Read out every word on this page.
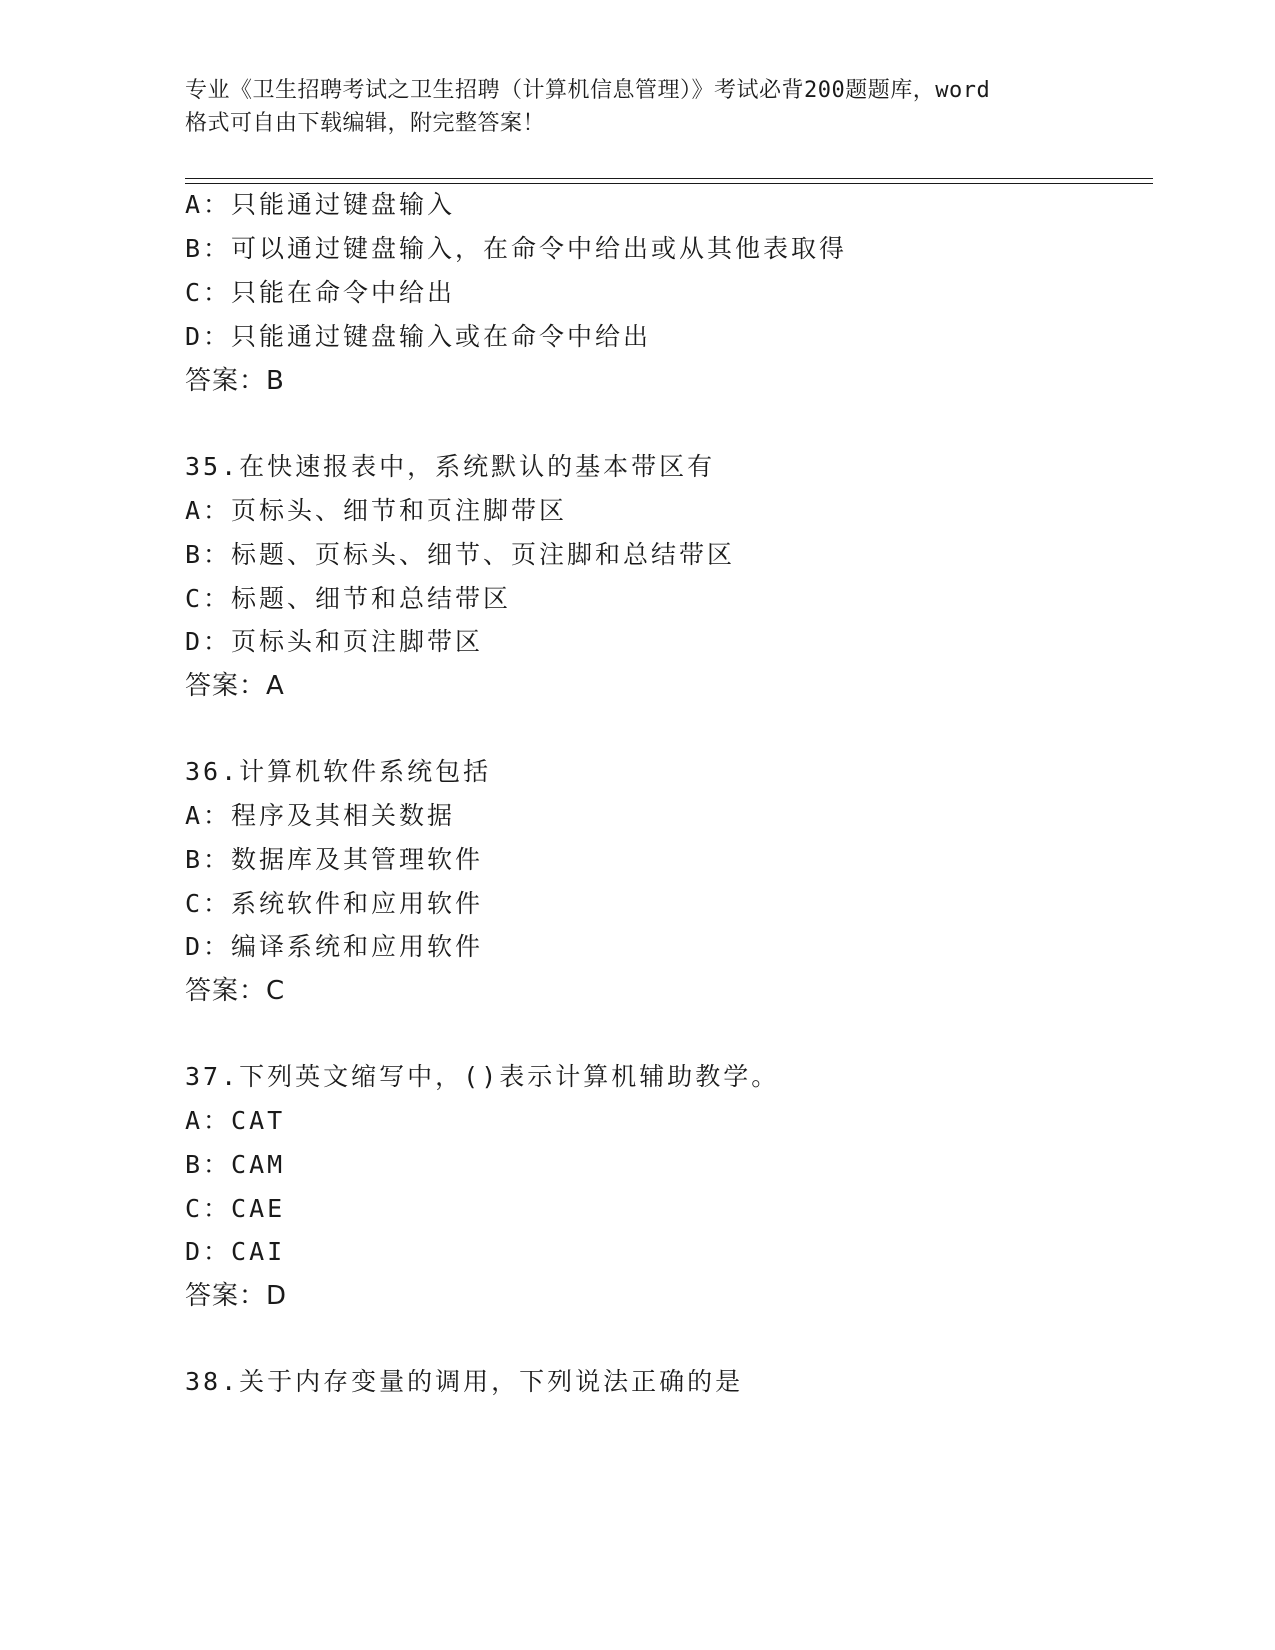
专业《卫生招聘考试之卫生招聘（计算机信息管理）》考试必背200题题库，word
格式可自由下载编辑，附完整答案！
A：只能通过键盘输入
B：可以通过键盘输入，在命令中给出或从其他表取得
C：只能在命令中给出
D：只能通过键盘输入或在命令中给出
答案：B
35.在快速报表中，系统默认的基本带区有
A：页标头、细节和页注脚带区
B：标题、页标头、细节、页注脚和总结带区
C：标题、细节和总结带区
D：页标头和页注脚带区
答案：A
36.计算机软件系统包括
A：程序及其相关数据
B：数据库及其管理软件
C：系统软件和应用软件
D：编译系统和应用软件
答案：C
37.下列英文缩写中，()表示计算机辅助教学。
A：CAT
B：CAM
C：CAE
D：CAI
答案：D
38.关于内存变量的调用，下列说法正确的是
